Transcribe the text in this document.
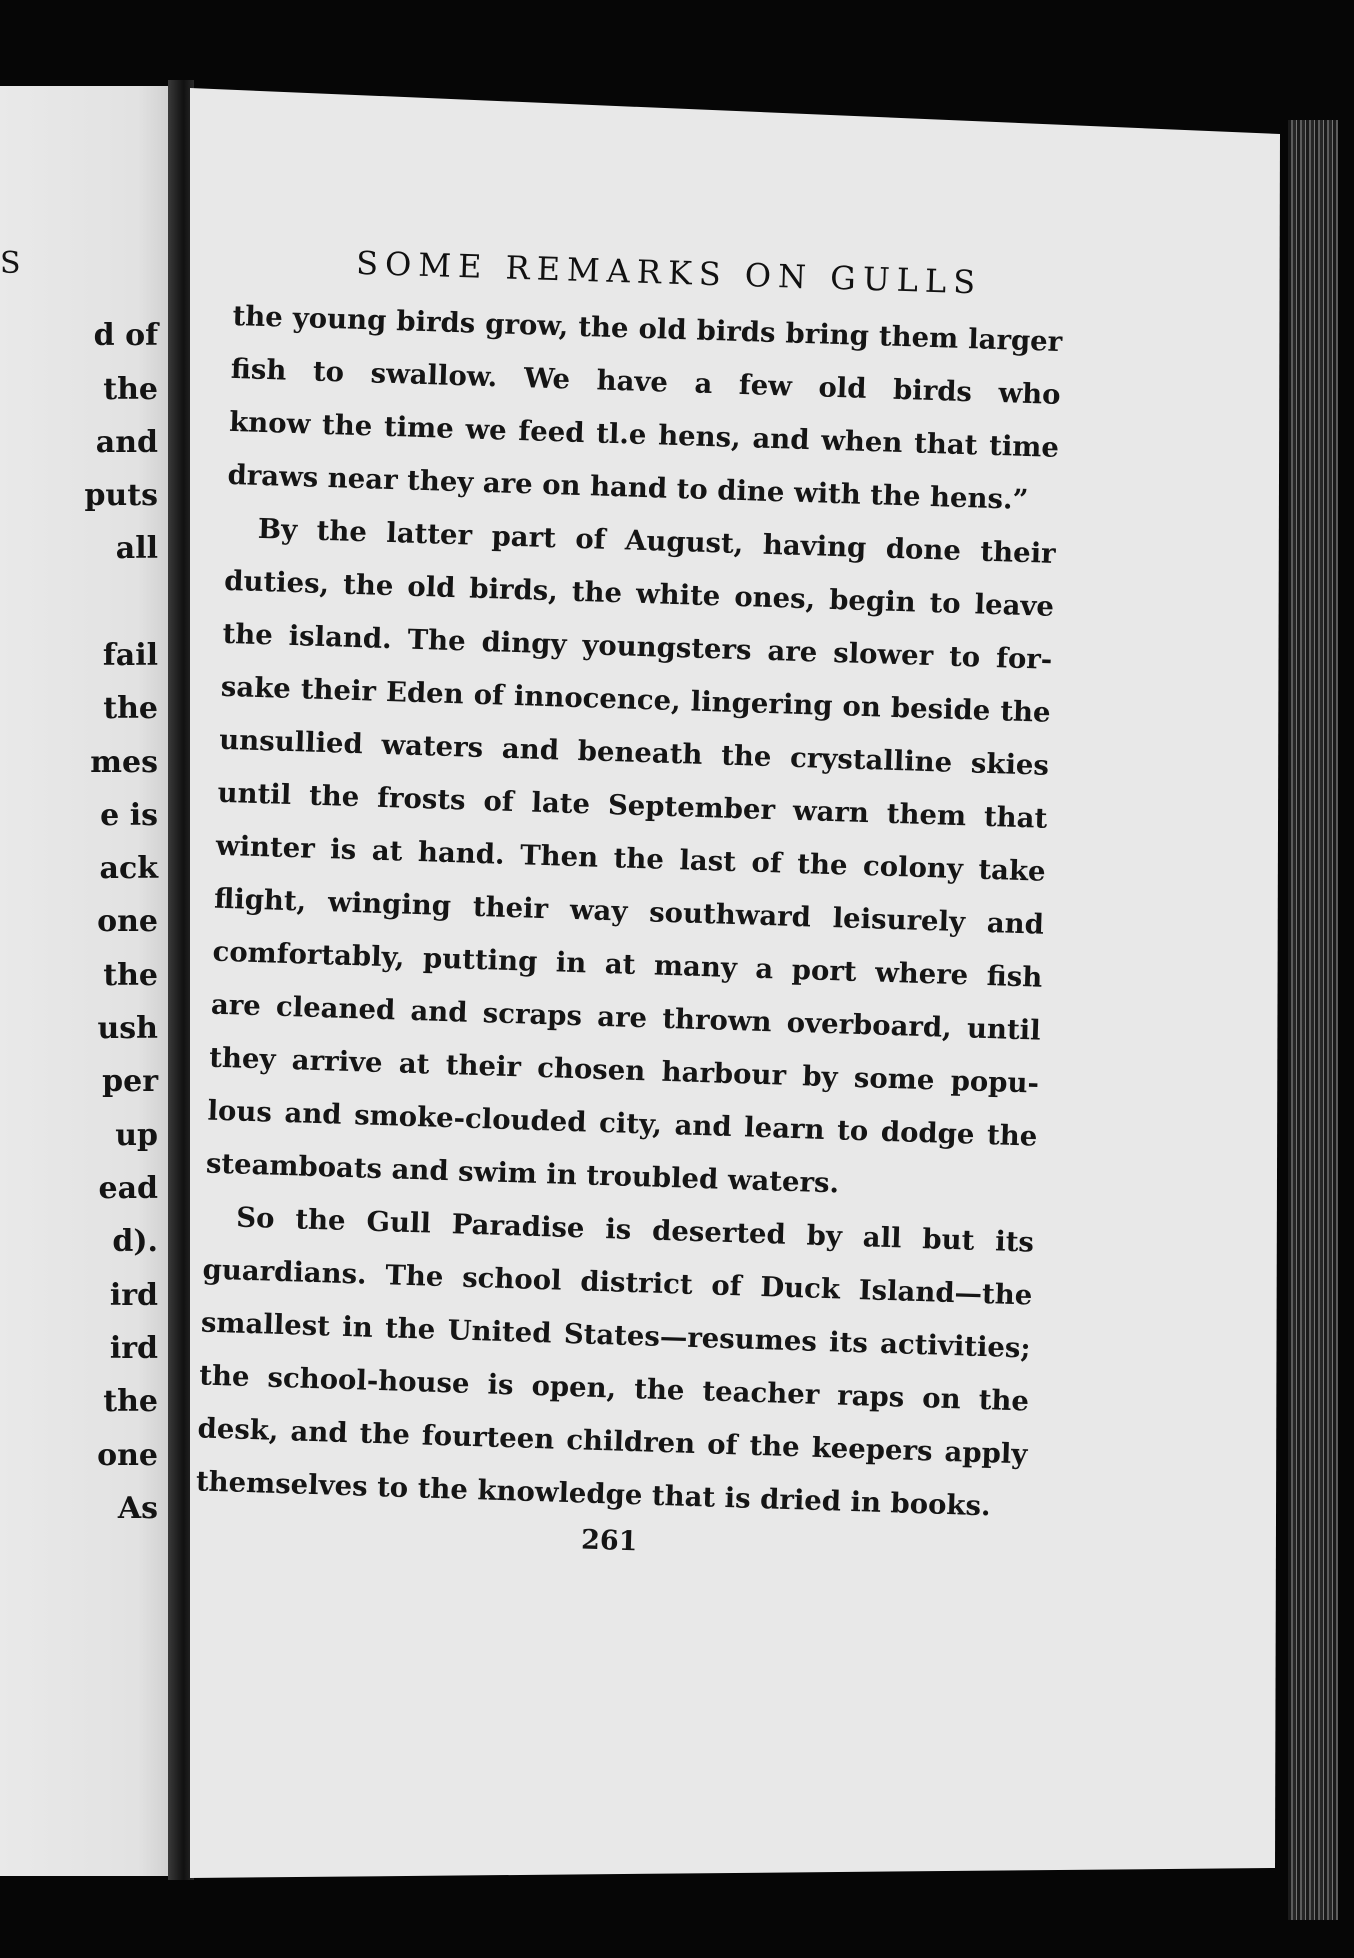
S
d of
the
and
puts
all
fail
the
mes
e is
ack
one
the
ush
per
up
ead
d).
ird
ird
the
one
As
SOME REMARKS ON GULLS
the young birds grow, the old birds bring them larger
fish to swallow. We have a few old birds who
know the time we feed tl.e hens, and when that time
draws near they are on hand to dine with the hens.”
By the latter part of August, having done their
duties, the old birds, the white ones, begin to leave
the island. The dingy youngsters are slower to for-
sake their Eden of innocence, lingering on beside the
unsullied waters and beneath the crystalline skies
until the frosts of late September warn them that
winter is at hand. Then the last of the colony take
flight, winging their way southward leisurely and
comfortably, putting in at many a port where fish
are cleaned and scraps are thrown overboard, until
they arrive at their chosen harbour by some popu-
lous and smoke-clouded city, and learn to dodge the
steamboats and swim in troubled waters.
So the Gull Paradise is deserted by all but its
guardians. The school district of Duck Island—the
smallest in the United States—resumes its activities;
the school-house is open, the teacher raps on the
desk, and the fourteen children of the keepers apply
themselves to the knowledge that is dried in books.
261
